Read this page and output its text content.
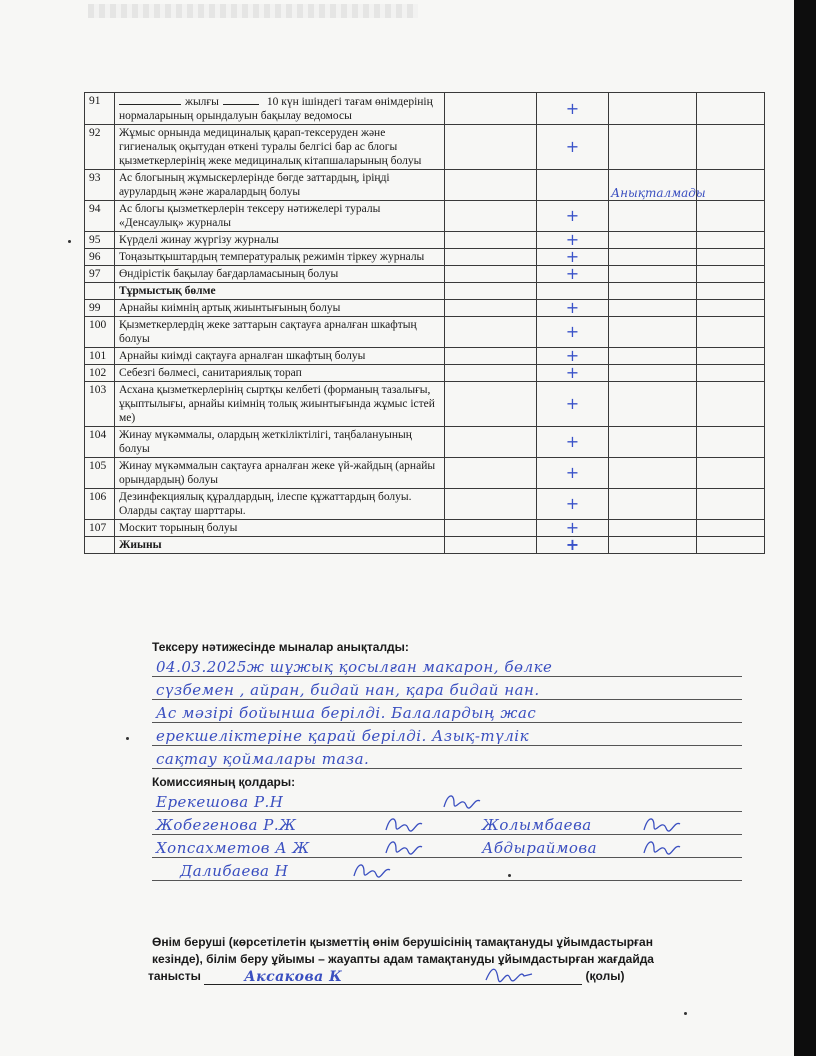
91	жылғы 10 күн ішіндегі тағам өнімдерінің нормаларының орындалуын бақылау ведомосы		+		
92	Жұмыс орнында медициналық қарап-тексеруден және гигиеналық оқытудан өткені туралы белгісі бар ас блогы қызметкерлерінің жеке медициналық кітапшаларының болуы		+		
93	Ас блогының жұмыскерлерінде бөгде заттардың, іріңді аурулардың және жаралардың болуы			Анықталмады	
94	Ас блогы қызметкерлерін тексеру нәтижелері туралы «Денсаулық» журналы		+		
95	Күрделі жинау жүргізу журналы		+		
96	Тоңазытқыштардың температуралық режимін тіркеу журналы		+		
97	Өндірістік бақылау бағдарламасының болуы		+		
	Тұрмыстық бөлме				
99	Арнайы киімнің артық жиынтығының болуы		+		
100	Қызметкерлердің жеке заттарын сақтауға арналған шкафтың болуы		+		
101	Арнайы киімді сақтауға арналған шкафтың болуы		+		
102	Себезгі бөлмесі, санитариялық торап		+		
103	Асхана қызметкерлерінің сыртқы келбеті (форманың тазалығы, ұқыптылығы, арнайы киімнің толық жиынтығында жұмыс істей ме)		+		
104	Жинау мүкәммалы, олардың жеткіліктілігі, таңбалануының болуы		+		
105	Жинау мүкәммалын сақтауға арналған жеке үй-жайдың (арнайы орындардың) болуы		+		
106	Дезинфекциялық құралдардың, ілеспе құжаттардың болуы. Оларды сақтау шарттары.		+		
107	Москит торының болуы		+		
	Жиыны		+		
Тексеру нәтижесінде мыналар анықталды:
04.03.2025ж шұжық қосылған макарон, бөлке
сүзбемен , айран, бидай нан, қара бидай нан.
Ас мәзірі бойынша берілді. Балалардың жас
ерекшеліктеріне қарай берілді. Азық-түлік
сақтау қоймалары таза.
Комиссияның қолдары:
Ерекешова Р.Н
Жобегенова Р.Ж	Жолымбаева
Хопсахметов А Ж	Абдыраймова
Далибаева Н
Өнім беруші (көрсетілетін қызметтің өнім берушісінің тамақтануды ұйымдастырған
кезінде), білім беру ұйымы – жауапты адам тамақтануды ұйымдастырған жағдайда
танысты	Аксакова К	(қолы)
